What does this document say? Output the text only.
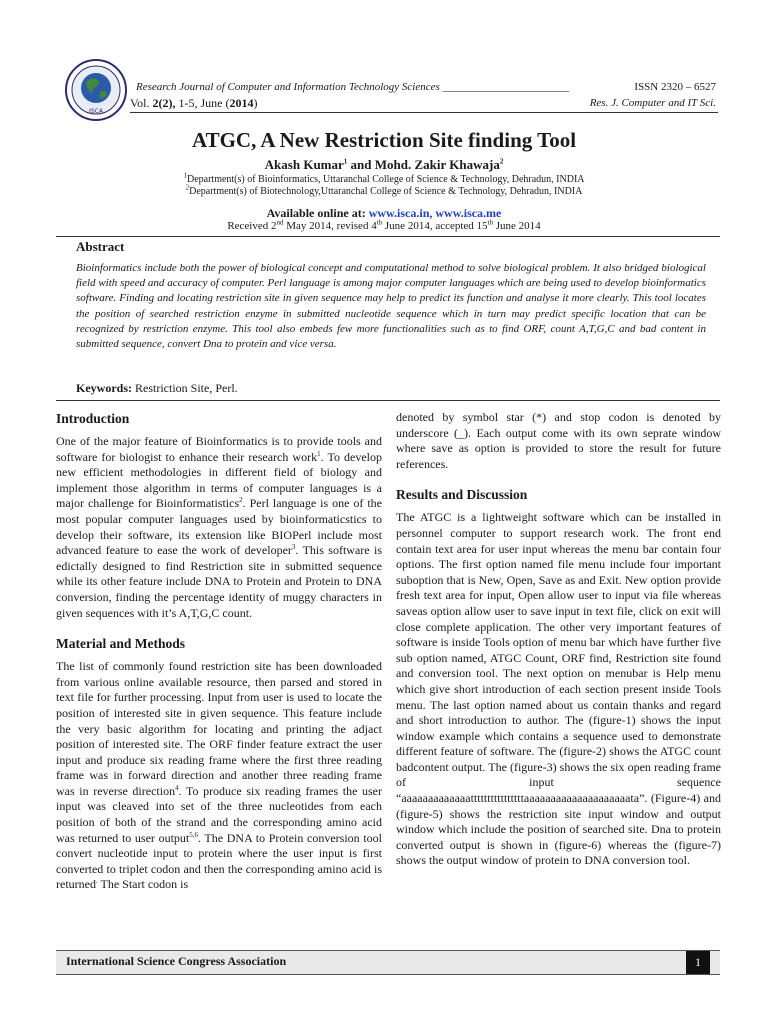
ISCA
Research Journal of Computer and Information Technology Sciences _______________________	ISSN 2320 – 6527
Vol. 2(2), 1-5, June (2014)	Res. J. Computer and IT Sci.
ATGC, A New Restriction Site finding Tool
Akash Kumar$^1$ and Mohd. Zakir Khawaja$^2$
$^1$Department(s) of Bioinformatics, Uttaranchal College of Science & Technology, Dehradun, INDIA
$^2$Department(s) of Biotechnology,Uttaranchal College of Science & Technology, Dehradun, INDIA
Available online at: www.isca.in, www.isca.me
Received 2nd May 2014, revised 4th June 2014, accepted 15th June 2014
Abstract
Bioinformatics include both the power of biological concept and computational method to solve biological problem. It also bridged biological field with speed and accuracy of computer. Perl language is among major computer languages which are being used to develop bioinformatics software. Finding and locating restriction site in given sequence may help to predict its function and analyse it more clearly. This tool locates the position of searched restriction enzyme in submitted nucleotide sequence which in turn may predict specific location that can be recognized by restriction enzyme. This tool also embeds few more functionalities such as to find ORF, count A,T,G,C and bad content in submitted sequence, convert Dna to protein and vice versa.
Keywords: Restriction Site, Perl.
Introduction

One of the major feature of Bioinformatics is to provide tools and software for biologist to enhance their research work$^1$. To develop new efficient methodologies in different field of biology and implement those algorithm in terms of computer languages is a major challenge for Bioinformatistics$^2$. Perl language is one of the most popular computer languages used by bioinformaticstics to develop their software, its extension like BIOPerl include most advanced feature to ease the work of developer$^3$. This software is edictally designed to find Restriction site in submitted sequence while its other feature include DNA to Protein and Protein to DNA conversion, finding the percentage identity of muggy characters in given sequences with it’s A,T,G,C count.

Material and Methods

The list of commonly found restriction site has been downloaded from various online available resource, then parsed and stored in text file for further processing. Input from user is used to locate the position of interested site in given sequence. This feature include the very basic algorithm for locating and printing the adjact position of interested site. The ORF finder feature extract the user input and produce six reading frame where the first three reading frame was in forward direction and another three reading frame was in reverse direction$^4$. To produce six reading frames the user input was cleaved into set of the three nucleotides from each position of both of the strand and the corresponding amino acid was returned to user output$^{5,6}$. The DNA to Protein conversion tool convert nucleotide input to protein where the user input is first converted to triplet codon and then the corresponding amino acid is returned. The Start codon is

denoted by symbol star (*) and stop codon is denoted by underscore (_). Each output come with its own seprate window where save as option is provided to store the result for future references.

Results and Discussion

The ATGC is a lightweight software which can be installed in personnel computer to support research work. The front end contain text area for user input whereas the menu bar contain four options. The first option named file menu include four important suboption that is New, Open, Save as and Exit. New option provide fresh text area for input, Open allow user to input via file whereas saveas option allow user to save input in text file, click on exit will close complete application. The other very important features of software is inside Tools option of menu bar which have further five sub option named, ATGC Count, ORF find, Restriction site found and conversion tool. The next option on menubar is Help menu which give short introduction of each section present inside Tools menu. The last option named about us contain thanks and regard and short introduction to author. The (figure-1) shows the input window example which contains a sequence used to demonstrate different feature of software. The (figure-2) shows the ATGC count badcontent output. The (figure-3) shows the six open reading frame of input sequence “aaaaaaaaaaaaattttttttttttttttaaaaaaaaaaaaaaaaaaaata”. (Figure-4) and (figure-5) shows the restriction site input window and output window which include the position of searched site. Dna to protein converted output is shown in (figure-6) whereas the (figure-7) shows the output window of protein to DNA conversion tool.

International Science Congress Association	1
